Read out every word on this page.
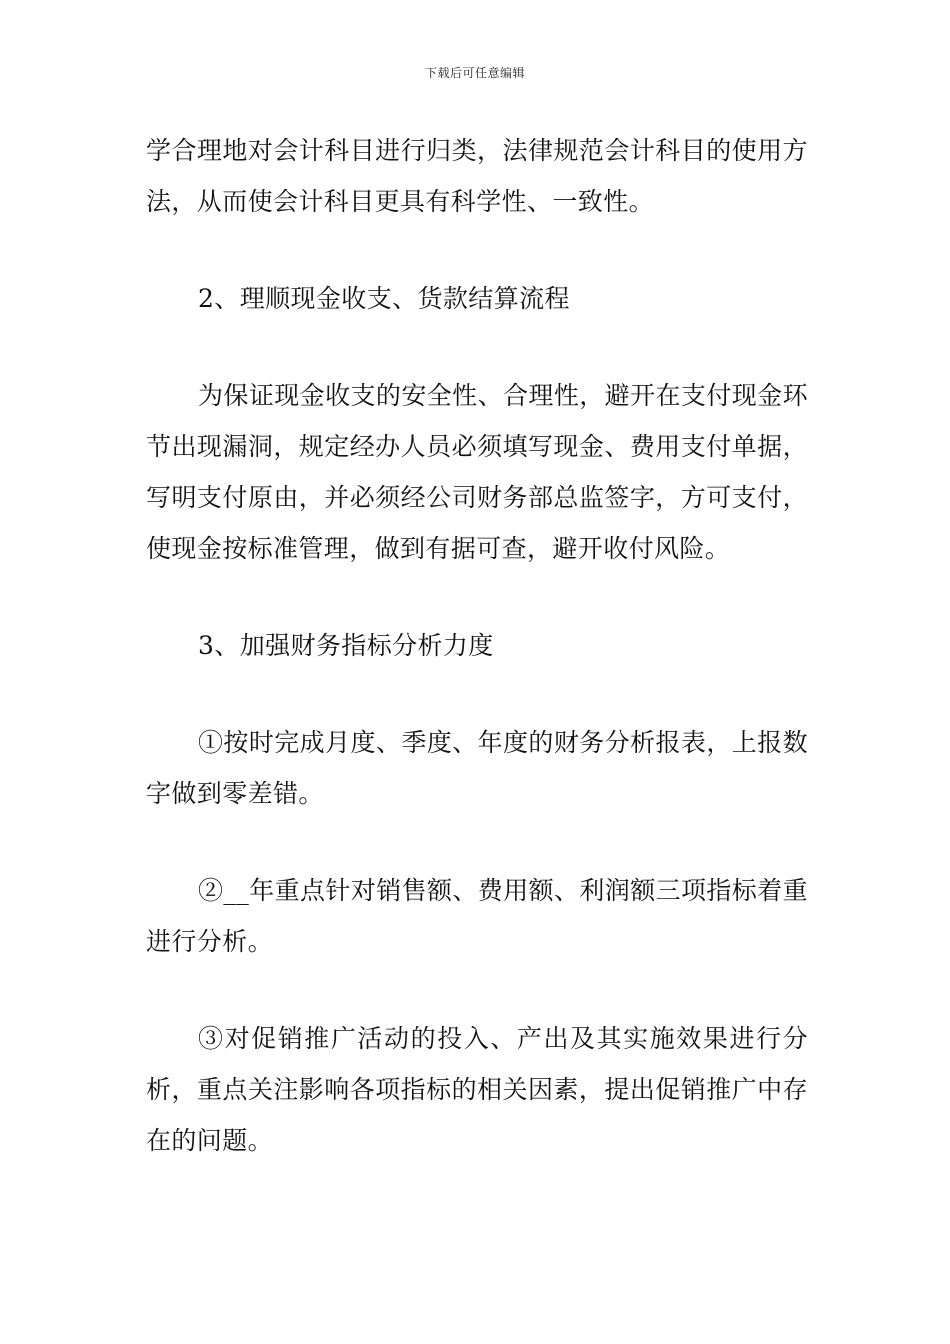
下载后可任意编辑

学合理地对会计科目进行归类，法律规范会计科目的使用方法，从而使会计科目更具有科学性、一致性。

2、理顺现金收支、货款结算流程

为保证现金收支的安全性、合理性，避开在支付现金环节出现漏洞，规定经办人员必须填写现金、费用支付单据，写明支付原由，并必须经公司财务部总监签字，方可支付，使现金按标准管理，做到有据可查，避开收付风险。

3、加强财务指标分析力度

①按时完成月度、季度、年度的财务分析报表，上报数字做到零差错。

②__年重点针对销售额、费用额、利润额三项指标着重进行分析。

③对促销推广活动的投入、产出及其实施效果进行分析，重点关注影响各项指标的相关因素，提出促销推广中存在的问题。
